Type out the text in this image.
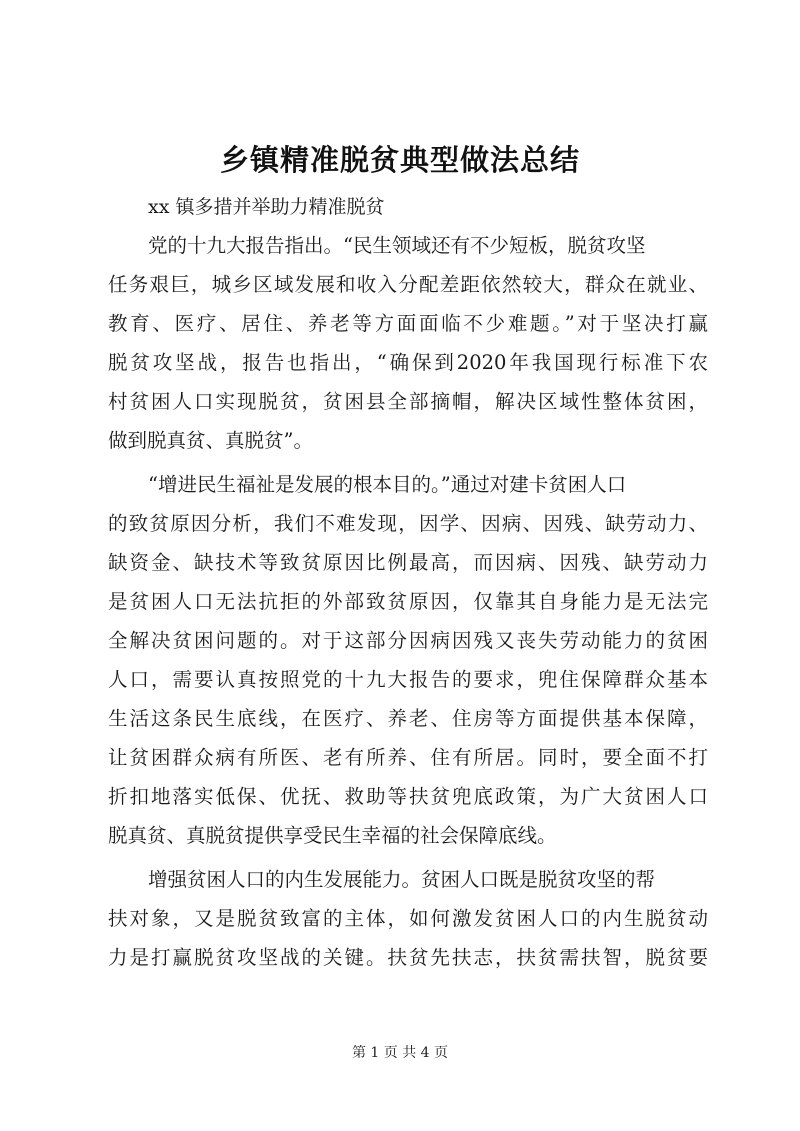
乡镇精准脱贫典型做法总结
xx 镇多措并举助力精准脱贫
党的十九大报告指出。“民生领域还有不少短板，脱贫攻坚
任务艰巨，城乡区域发展和收入分配差距依然较大，群众在就业、
教育、医疗、居住、养老等方面面临不少难题。”对于坚决打赢
脱贫攻坚战，报告也指出，“确保到2020年我国现行标准下农
村贫困人口实现脱贫，贫困县全部摘帽，解决区域性整体贫困，
做到脱真贫、真脱贫”。
“增进民生福祉是发展的根本目的。”通过对建卡贫困人口
的致贫原因分析，我们不难发现，因学、因病、因残、缺劳动力、
缺资金、缺技术等致贫原因比例最高，而因病、因残、缺劳动力
是贫困人口无法抗拒的外部致贫原因，仅靠其自身能力是无法完
全解决贫困问题的。对于这部分因病因残又丧失劳动能力的贫困
人口，需要认真按照党的十九大报告的要求，兜住保障群众基本
生活这条民生底线，在医疗、养老、住房等方面提供基本保障，
让贫困群众病有所医、老有所养、住有所居。同时，要全面不打
折扣地落实低保、优抚、救助等扶贫兜底政策，为广大贫困人口
脱真贫、真脱贫提供享受民生幸福的社会保障底线。
增强贫困人口的内生发展能力。贫困人口既是脱贫攻坚的帮
扶对象，又是脱贫致富的主体，如何激发贫困人口的内生脱贫动
力是打赢脱贫攻坚战的关键。扶贫先扶志，扶贫需扶智，脱贫要
第 1 页 共 4 页
